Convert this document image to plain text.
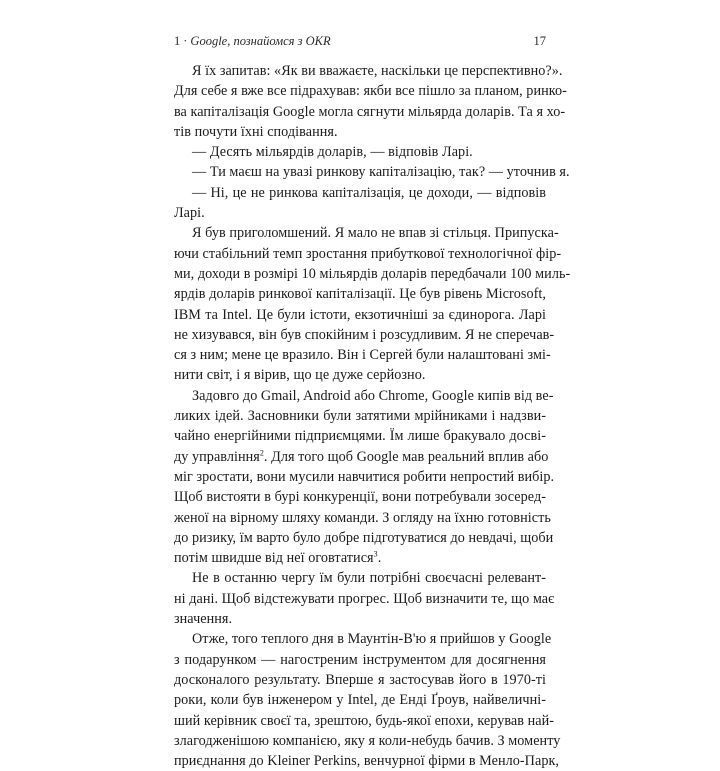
1 · Google, познайомся з OKR	17
Я їх запитав: «Як ви вважаєте, наскільки це перспективно?».
Для себе я вже все підрахував: якби все пішло за планом, ринко-
ва капіталізація Google могла сягнути мільярда доларів. Та я хо-
тів почути їхні сподівання.
— Десять мільярдів доларів, — відповів Ларі.
— Ти маєш на увазі ринкову капіталізацію, так? — уточнив я.
— Ні, це не ринкова капіталізація, це доходи, — відповів
Ларі.
Я був приголомшений. Я мало не впав зі стільця. Припуска-
ючи стабільний темп зростання прибуткової технологічної фір-
ми, доходи в розмірі 10 мільярдів доларів передбачали 100 миль-
ярдів доларів ринкової капіталізації. Це був рівень Microsoft,
IBM та Intel. Це були істоти, екзотичніші за єдинорога. Ларі
не хизувався, він був спокійним і розсудливим. Я не сперечав-
ся з ним; мене це вразило. Він і Сергей були налаштовані змі-
нити світ, і я вірив, що це дуже серйозно.
Задовго до Gmail, Android або Chrome, Google кипів від ве-
ликих ідей. Засновники були затятими мрійниками і надзви-
чайно енергійними підприємцями. Їм лише бракувало досві-
ду управління$^2$. Для того щоб Google мав реальний вплив або
міг зростати, вони мусили навчитися робити непростий вибір.
Щоб вистояти в бурі конкуренції, вони потребували зосеред-
женої на вірному шляху команди. З огляду на їхню готовність
до ризику, їм варто було добре підготуватися до невдачі, щоби
потім швидше від неї оговтатися$^3$.
Не в останню чергу їм були потрібні своєчасні релевант-
ні дані. Щоб відстежувати прогрес. Щоб визначити те, що має
значення.
Отже, того теплого дня в Маунтін-В'ю я прийшов у Google
з подарунком — нагостреним інструментом для досягнення
досконалого результату. Вперше я застосував його в 1970-ті
роки, коли був інженером у Intel, де Енді Ґроув, найвеличні-
ший керівник своєї та, зрештою, будь-якої епохи, керував най-
злагодженішою компанією, яку я коли-небудь бачив. З моменту
приєднання до Kleiner Perkins, венчурної фірми в Менло-Парк,
